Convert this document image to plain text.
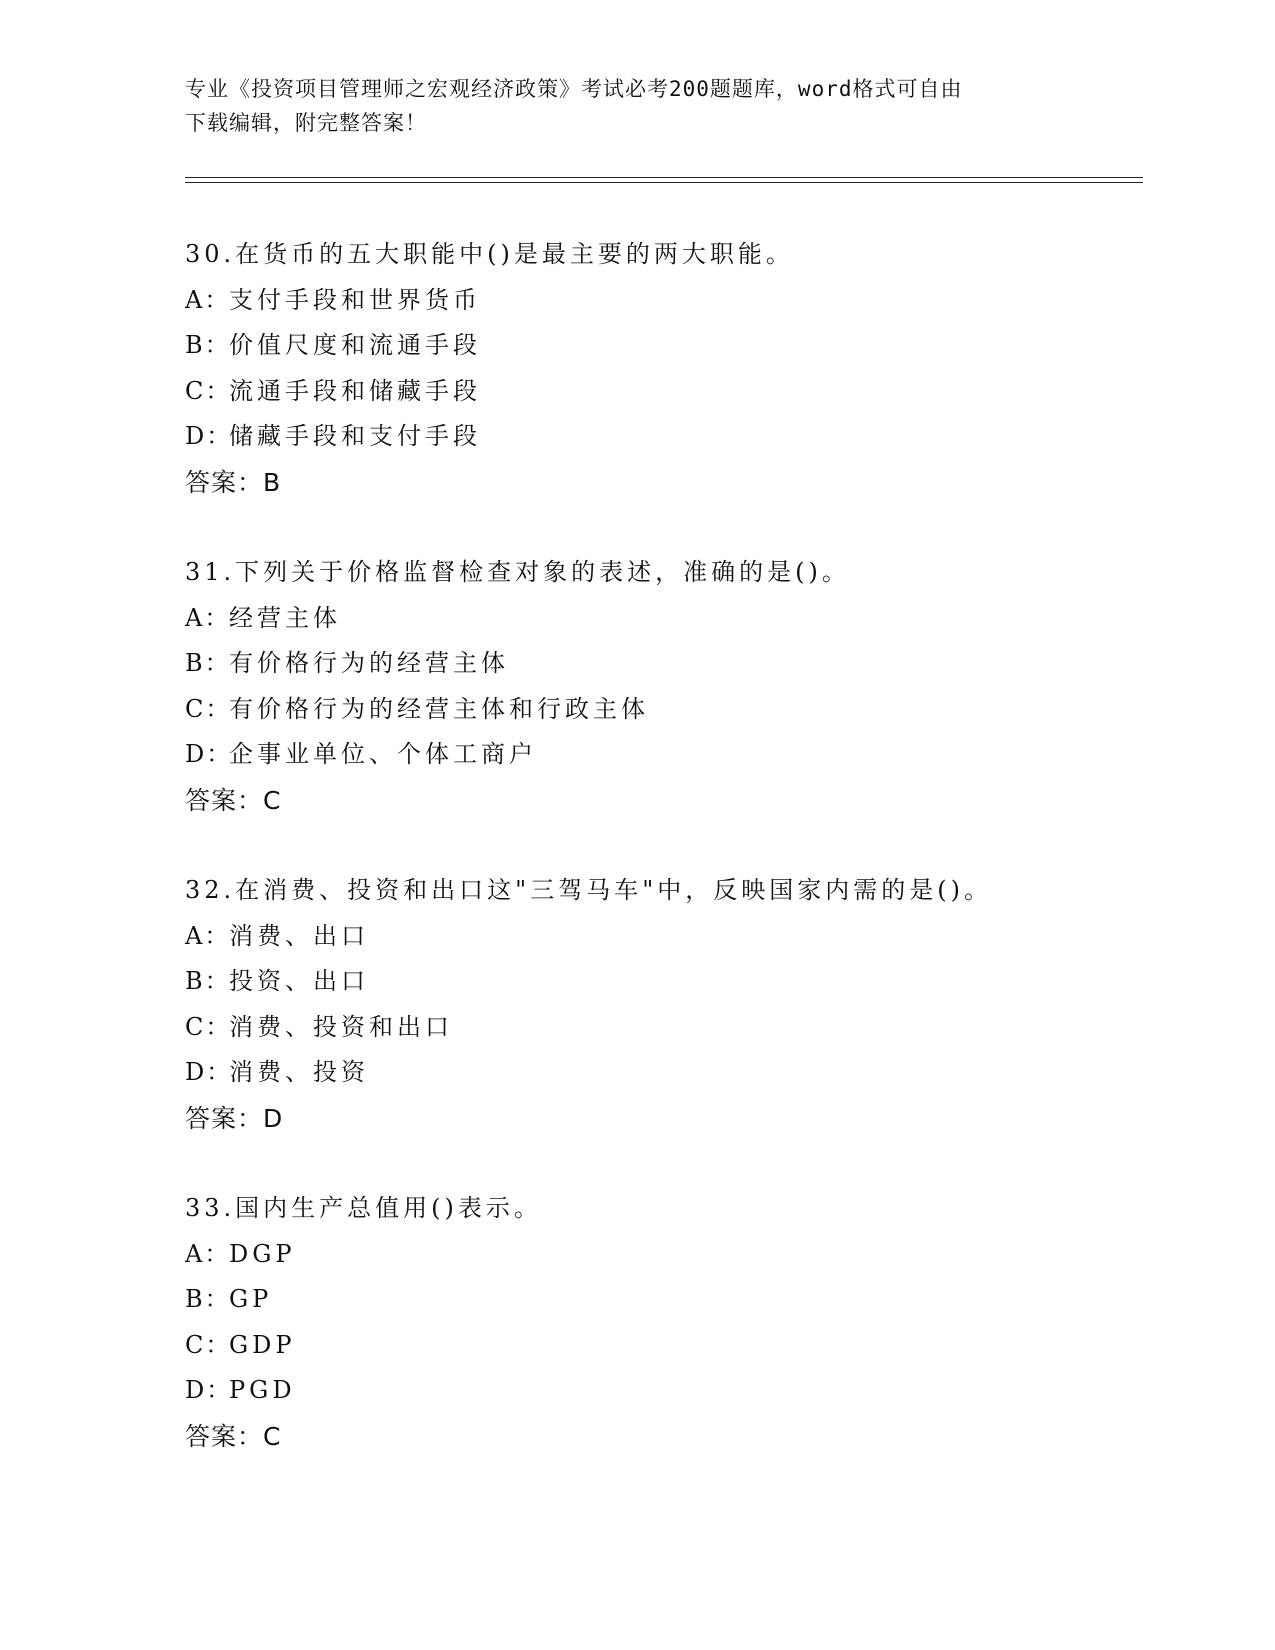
专业《投资项目管理师之宏观经济政策》考试必考200题题库，word格式可自由
下载编辑，附完整答案！
30.在货币的五大职能中()是最主要的两大职能。
A：支付手段和世界货币
B：价值尺度和流通手段
C：流通手段和储藏手段
D：储藏手段和支付手段
答案：B
31.下列关于价格监督检查对象的表述，准确的是()。
A：经营主体
B：有价格行为的经营主体
C：有价格行为的经营主体和行政主体
D：企事业单位、个体工商户
答案：C
32.在消费、投资和出口这"三驾马车"中，反映国家内需的是()。
A：消费、出口
B：投资、出口
C：消费、投资和出口
D：消费、投资
答案：D
33.国内生产总值用()表示。
A：DGP
B：GP
C：GDP
D：PGD
答案：C
